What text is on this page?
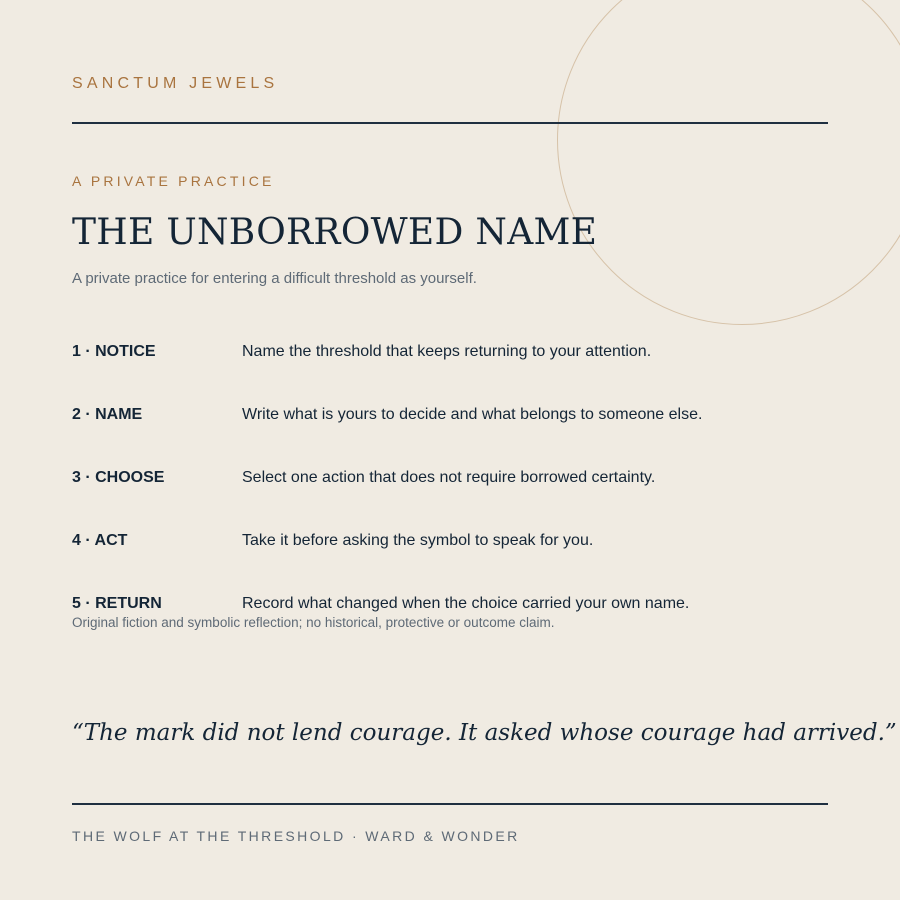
SANCTUM JEWELS
A PRIVATE PRACTICE
THE UNBORROWED NAME
A private practice for entering a difficult threshold as yourself.
1 · NOTICE	Name the threshold that keeps returning to your attention.
2 · NAME	Write what is yours to decide and what belongs to someone else.
3 · CHOOSE	Select one action that does not require borrowed certainty.
4 · ACT	Take it before asking the symbol to speak for you.
5 · RETURN	Record what changed when the choice carried your own name.
Original fiction and symbolic reflection; no historical, protective or outcome claim.
“The mark did not lend courage. It asked whose courage had arrived.”
THE WOLF AT THE THRESHOLD · WARD & WONDER
